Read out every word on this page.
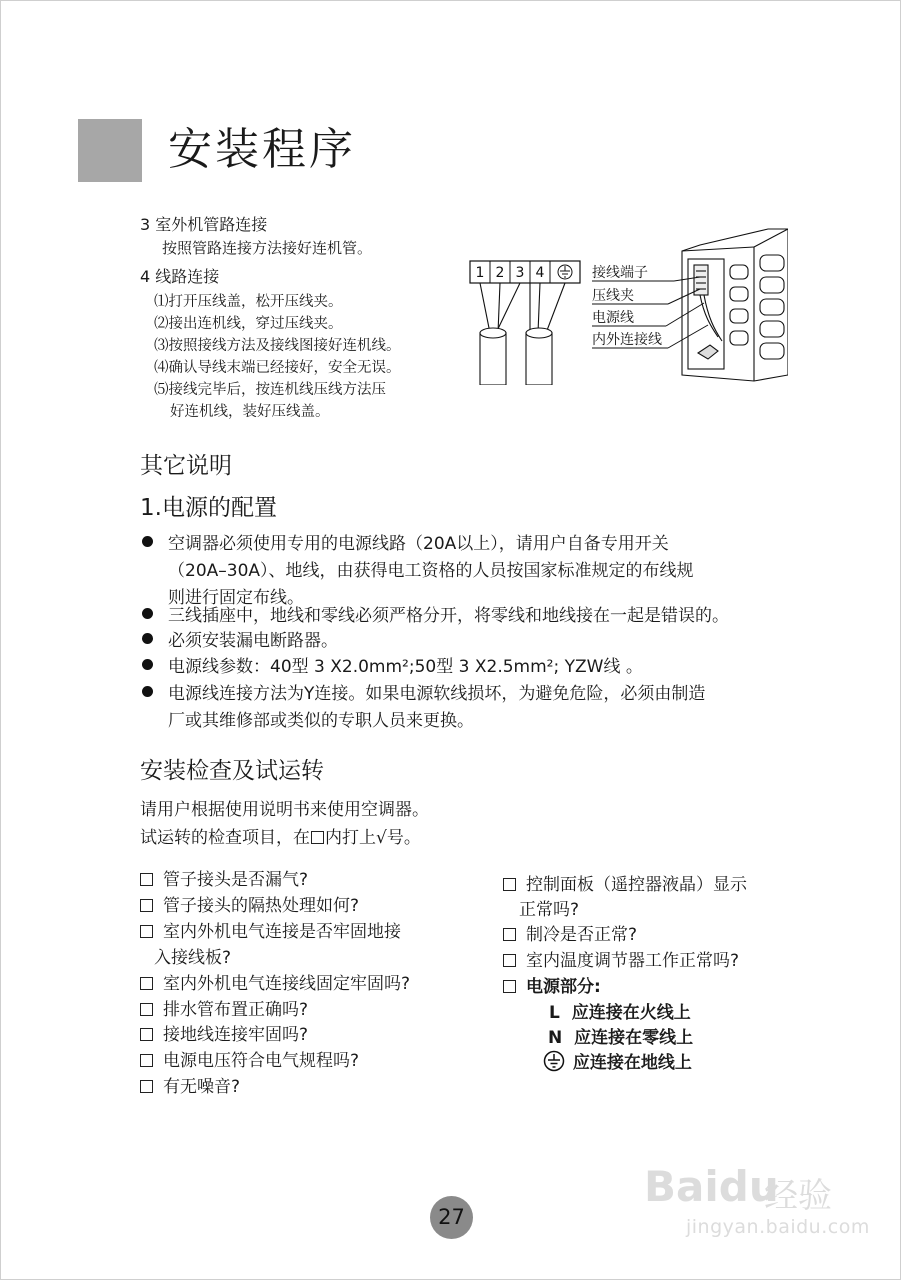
安装程序
3 室外机管路连接
按照管路连接方法接好连机管。
4 线路连接
⑴打开压线盖，松开压线夹。
⑵接出连机线，穿过压线夹。
⑶按照接线方法及接线图接好连机线。
⑷确认导线末端已经接好，安全无误。
⑸接线完毕后，按连机线压线方法压
好连机线，装好压线盖。
1 2 3 4	接线端子
压线夹
电源线
内外连接线
其它说明
1.电源的配置
空调器必须使用专用的电源线路（20A以上），请用户自备专用开关
（20A–30A）、地线，由获得电工资格的人员按国家标准规定的布线规
则进行固定布线。
三线插座中，地线和零线必须严格分开，将零线和地线接在一起是错误的。
必须安装漏电断路器。
电源线参数：40型 3 X2.0mm²;50型 3 X2.5mm²; YZW线 。
电源线连接方法为Y连接。如果电源软线损坏，为避免危险，必须由制造
厂或其维修部或类似的专职人员来更换。
安装检查及试运转
请用户根据使用说明书来使用空调器。
试运转的检查项目，在 内打上√号。
管子接头是否漏气?
管子接头的隔热处理如何?
室内外机电气连接是否牢固地接
入接线板?
室内外机电气连接线固定牢固吗?
排水管布置正确吗?
接地线连接牢固吗?
电源电压符合电气规程吗?
有无噪音?
控制面板（遥控器液晶）显示
正常吗?
制冷是否正常?
室内温度调节器工作正常吗?
电源部分:
L 应连接在火线上
N 应连接在零线上
应连接在地线上
27
Baidu
经验
jingyan.baidu.com
